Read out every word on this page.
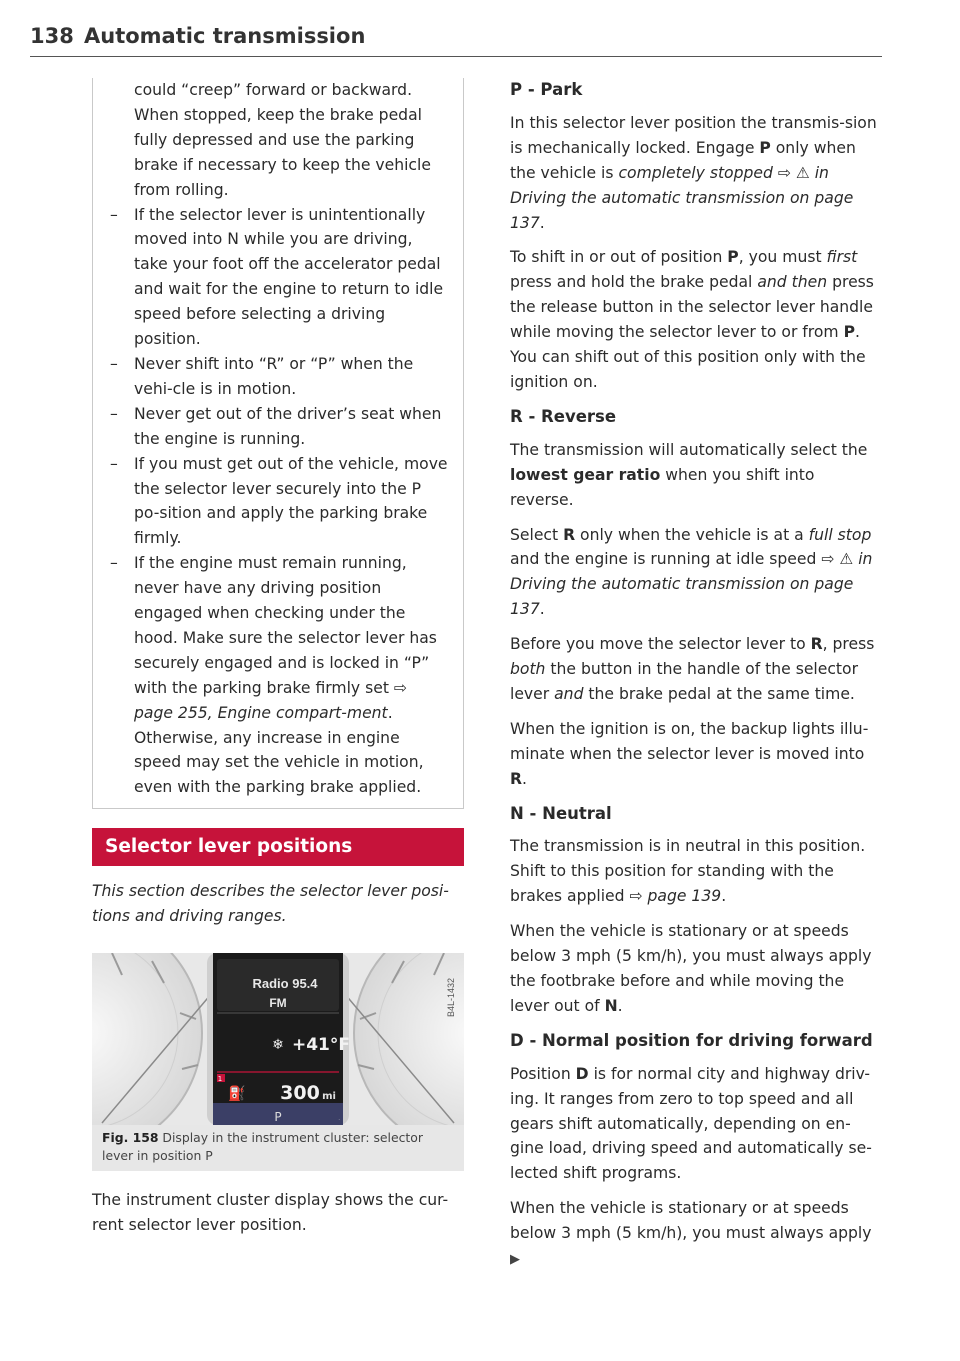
138 Automatic transmission

could “creep” forward or backward.

When stopped, keep the brake pedal fully depressed and use the parking brake if necessary to keep the vehicle from rolling.

– If the selector lever is unintentionally moved into N while you are driving, take your foot off the accelerator pedal and wait for the engine to return to idle speed before selecting a driving position.
– Never shift into “R” or “P” when the vehi-cle is in motion.
– Never get out of the driver’s seat when the engine is running.
– If you must get out of the vehicle, move the selector lever securely into the P po-sition and apply the parking brake firmly.
– If the engine must remain running, never have any driving position engaged when checking under the hood. Make sure the selector lever has securely engaged and is locked in “P” with the parking brake firmly set ⇨ page 255, Engine compart-ment. Otherwise, any increase in engine speed may set the vehicle in motion, even with the parking brake applied.
Selector lever positions

This section describes the selector lever posi-tions and driving ranges.

1
⛽
❄
·
Radio 95.4
FM
+41°F
300 mi
P
B4L-1432
Fig. 158 Display in the instrument cluster: selector lever in position P

The instrument cluster display shows the cur-rent selector lever position.

P - Park

In this selector lever position the transmis-sion is mechanically locked. Engage P only when the vehicle is completely stopped ⇨ ⚠ in Driving the automatic transmission on page 137.

To shift in or out of position P, you must first press and hold the brake pedal and then press the release button in the selector lever handle while moving the selector lever to or from P. You can shift out of this position only with the ignition on.

R - Reverse

The transmission will automatically select the lowest gear ratio when you shift into reverse.

Select R only when the vehicle is at a full stop and the engine is running at idle speed ⇨ ⚠ in Driving the automatic transmission on page 137.

Before you move the selector lever to R, press both the button in the handle of the selector lever and the brake pedal at the same time.

When the ignition is on, the backup lights illu-minate when the selector lever is moved into R.

N - Neutral

The transmission is in neutral in this position. Shift to this position for standing with the brakes applied ⇨ page 139.

When the vehicle is stationary or at speeds below 3 mph (5 km/h), you must always apply the footbrake before and while moving the lever out of N.

D - Normal position for driving forward

Position D is for normal city and highway driv-ing. It ranges from zero to top speed and all gears shift automatically, depending on en-gine load, driving speed and automatically se-lected shift programs.

When the vehicle is stationary or at speeds below 3 mph (5 km/h), you must always apply ▶
